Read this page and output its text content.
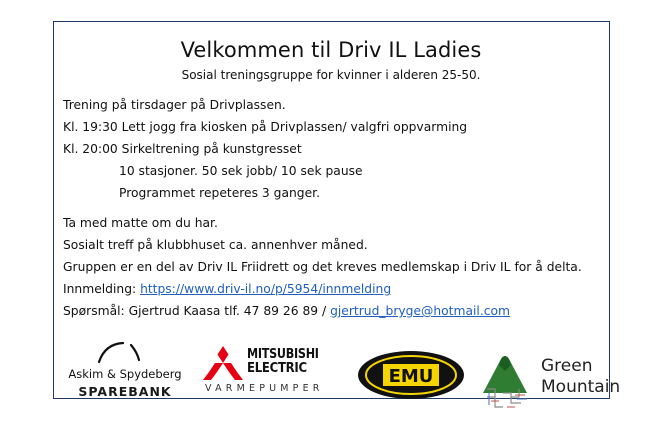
Velkommen til Driv IL Ladies
Sosial treningsgruppe for kvinner i alderen 25-50.
Trening på tirsdager på Drivplassen.
Kl. 19:30 Lett jogg fra kiosken på Drivplassen/ valgfri oppvarming
Kl. 20:00 Sirkeltrening på kunstgresset
10 stasjoner. 50 sek jobb/ 10 sek pause
Programmet repeteres 3 ganger.
Ta med matte om du har.
Sosialt treff på klubbhuset ca. annenhver måned.
Gruppen er en del av Driv IL Friidrett og det kreves medlemskap i Driv IL for å delta.
Innmelding: https://www.driv-il.no/p/5954/innmelding
Spørsmål: Gjertrud Kaasa tlf. 47 89 26 89 / gjertrud_bryge@hotmail.com
Askim & Spydeberg
SPAREBANK
MITSUBISHI
ELECTRIC
VARMEPUMPER
EMU	Green
Mountain
